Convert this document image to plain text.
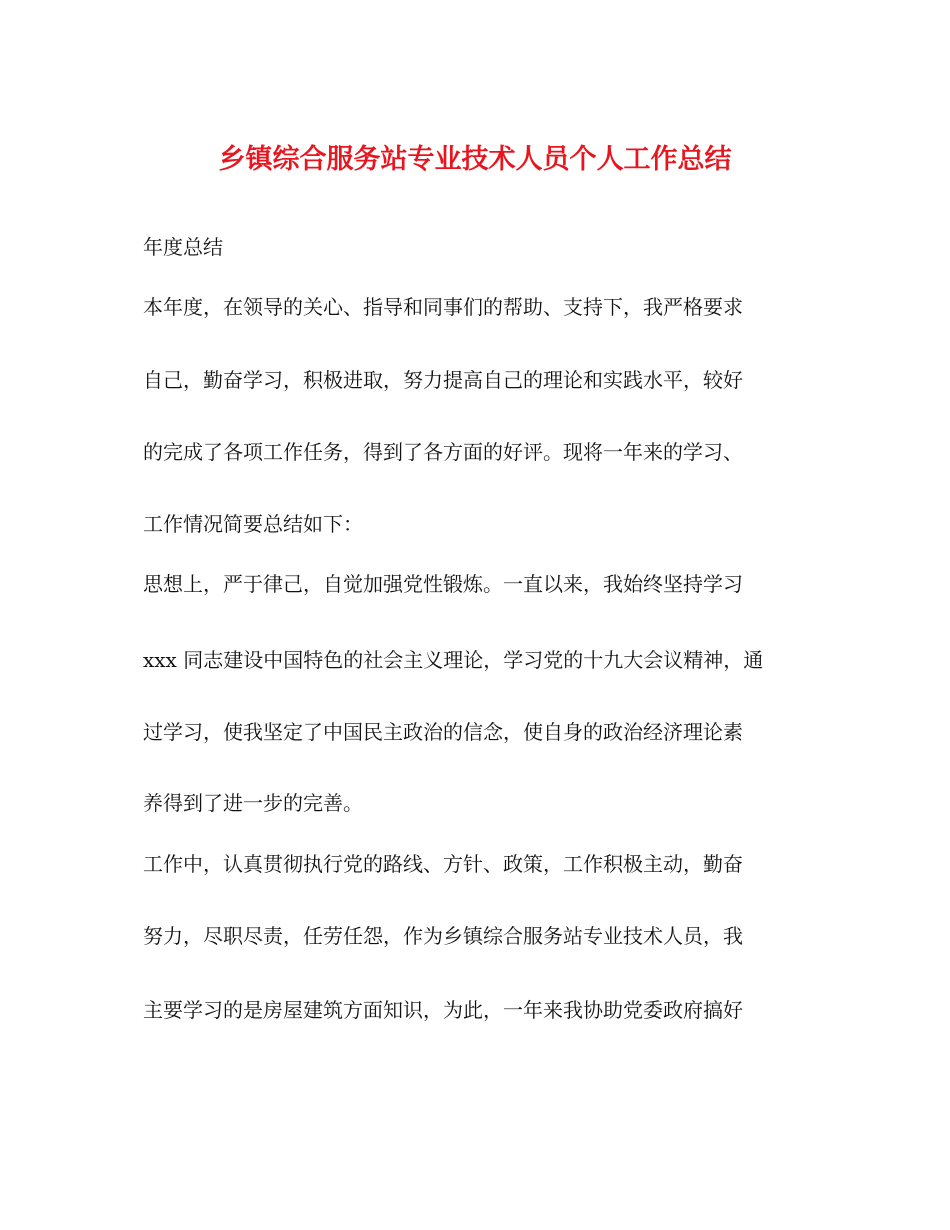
乡镇综合服务站专业技术人员个人工作总结

年度总结

本年度，在领导的关心、指导和同事们的帮助、支持下，我严格要求

自己，勤奋学习，积极进取，努力提高自己的理论和实践水平，较好

的完成了各项工作任务，得到了各方面的好评。现将一年来的学习、

工作情况简要总结如下：

思想上，严于律己，自觉加强党性锻炼。一直以来，我始终坚持学习

xxx 同志建设中国特色的社会主义理论，学习党的十九大会议精神，通

过学习，使我坚定了中国民主政治的信念，使自身的政治经济理论素

养得到了进一步的完善。

工作中，认真贯彻执行党的路线、方针、政策，工作积极主动，勤奋

努力，尽职尽责，任劳任怨，作为乡镇综合服务站专业技术人员，我

主要学习的是房屋建筑方面知识，为此，一年来我协助党委政府搞好
